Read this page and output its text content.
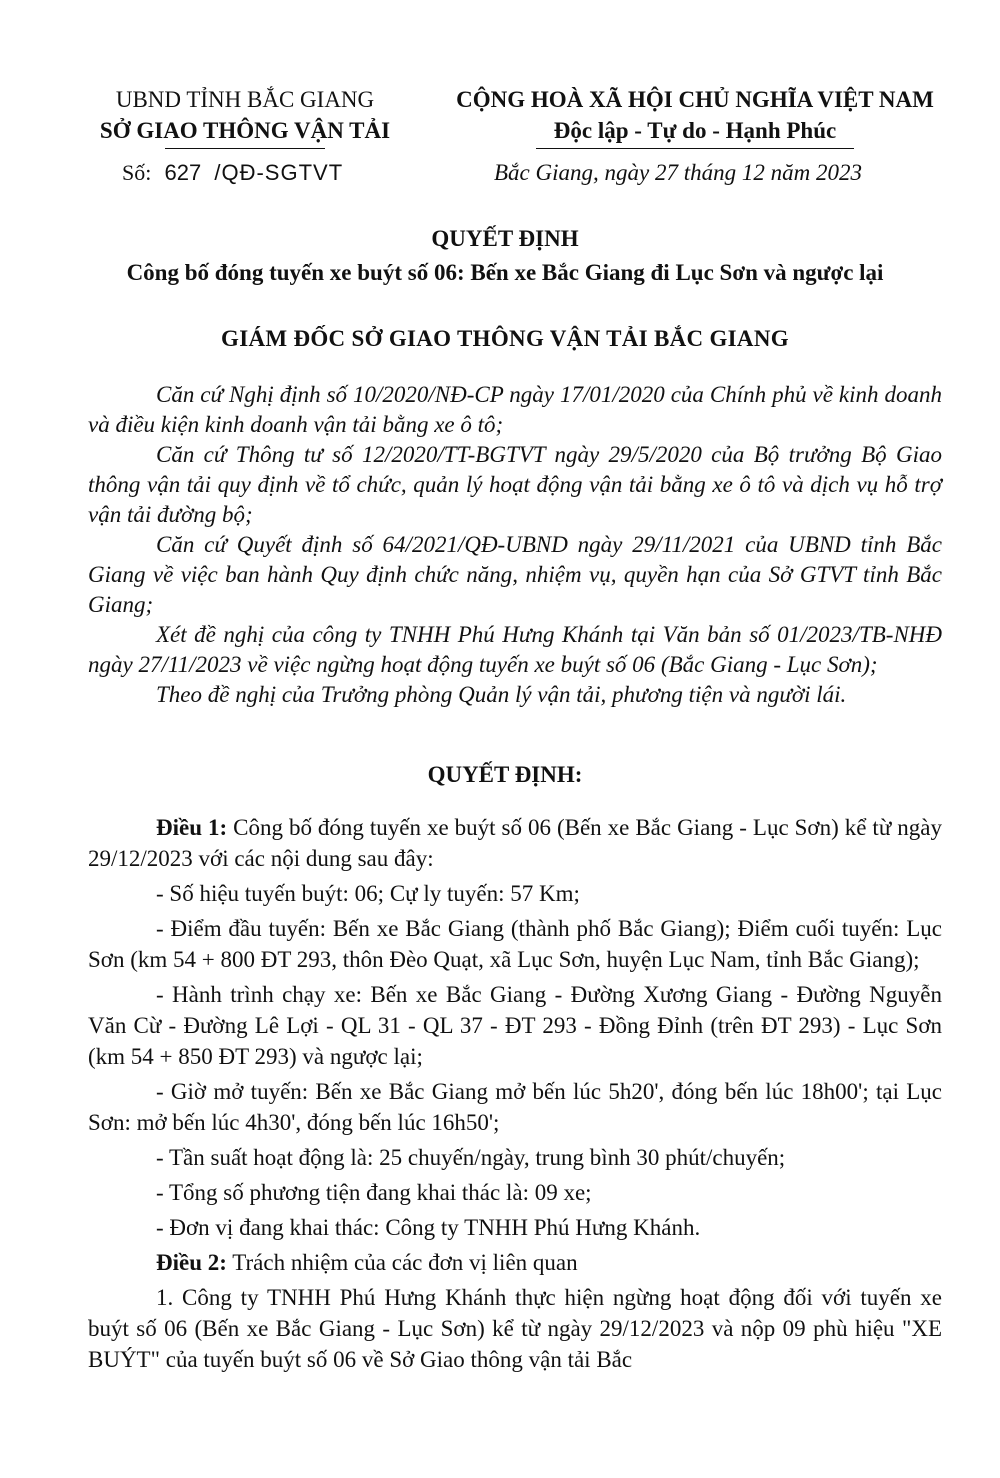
UBND TỈNH BẮC GIANG
SỞ GIAO THÔNG VẬN TẢI
CỘNG HOÀ XÃ HỘI CHỦ NGHĨA VIỆT NAM
Độc lập - Tự do - Hạnh Phúc
Số: 627 /QĐ-SGTVT	Bắc Giang, ngày 27 tháng 12 năm 2023
QUYẾT ĐỊNH
Công bố đóng tuyến xe buýt số 06: Bến xe Bắc Giang đi Lục Sơn và ngược lại
GIÁM ĐỐC SỞ GIAO THÔNG VẬN TẢI BẮC GIANG

Căn cứ Nghị định số 10/2020/NĐ-CP ngày 17/01/2020 của Chính phủ về kinh doanh và điều kiện kinh doanh vận tải bằng xe ô tô;

Căn cứ Thông tư số 12/2020/TT-BGTVT ngày 29/5/2020 của Bộ trưởng Bộ Giao thông vận tải quy định về tổ chức, quản lý hoạt động vận tải bằng xe ô tô và dịch vụ hỗ trợ vận tải đường bộ;

Căn cứ Quyết định số 64/2021/QĐ-UBND ngày 29/11/2021 của UBND tỉnh Bắc Giang về việc ban hành Quy định chức năng, nhiệm vụ, quyền hạn của Sở GTVT tỉnh Bắc Giang;

Xét đề nghị của công ty TNHH Phú Hưng Khánh tại Văn bản số 01/2023/TB-NHĐ ngày 27/11/2023 về việc ngừng hoạt động tuyến xe buýt số 06 (Bắc Giang - Lục Sơn);

Theo đề nghị của Trưởng phòng Quản lý vận tải, phương tiện và người lái.

QUYẾT ĐỊNH:

Điều 1: Công bố đóng tuyến xe buýt số 06 (Bến xe Bắc Giang - Lục Sơn) kể từ ngày 29/12/2023 với các nội dung sau đây:

- Số hiệu tuyến buýt: 06; Cự ly tuyến: 57 Km;

- Điểm đầu tuyến: Bến xe Bắc Giang (thành phố Bắc Giang); Điểm cuối tuyến: Lục Sơn (km 54 + 800 ĐT 293, thôn Đèo Quạt, xã Lục Sơn, huyện Lục Nam, tỉnh Bắc Giang);

- Hành trình chạy xe: Bến xe Bắc Giang - Đường Xương Giang - Đường Nguyễn Văn Cừ - Đường Lê Lợi - QL 31 - QL 37 - ĐT 293 - Đồng Đỉnh (trên ĐT 293) - Lục Sơn (km 54 + 850 ĐT 293) và ngược lại;

- Giờ mở tuyến: Bến xe Bắc Giang mở bến lúc 5h20', đóng bến lúc 18h00'; tại Lục Sơn: mở bến lúc 4h30', đóng bến lúc 16h50';

- Tần suất hoạt động là: 25 chuyến/ngày, trung bình 30 phút/chuyến;

- Tổng số phương tiện đang khai thác là: 09 xe;

- Đơn vị đang khai thác: Công ty TNHH Phú Hưng Khánh.

Điều 2: Trách nhiệm của các đơn vị liên quan

1. Công ty TNHH Phú Hưng Khánh thực hiện ngừng hoạt động đối với tuyến xe buýt số 06 (Bến xe Bắc Giang - Lục Sơn) kể từ ngày 29/12/2023 và nộp 09 phù hiệu "XE BUÝT" của tuyến buýt số 06 về Sở Giao thông vận tải Bắc
